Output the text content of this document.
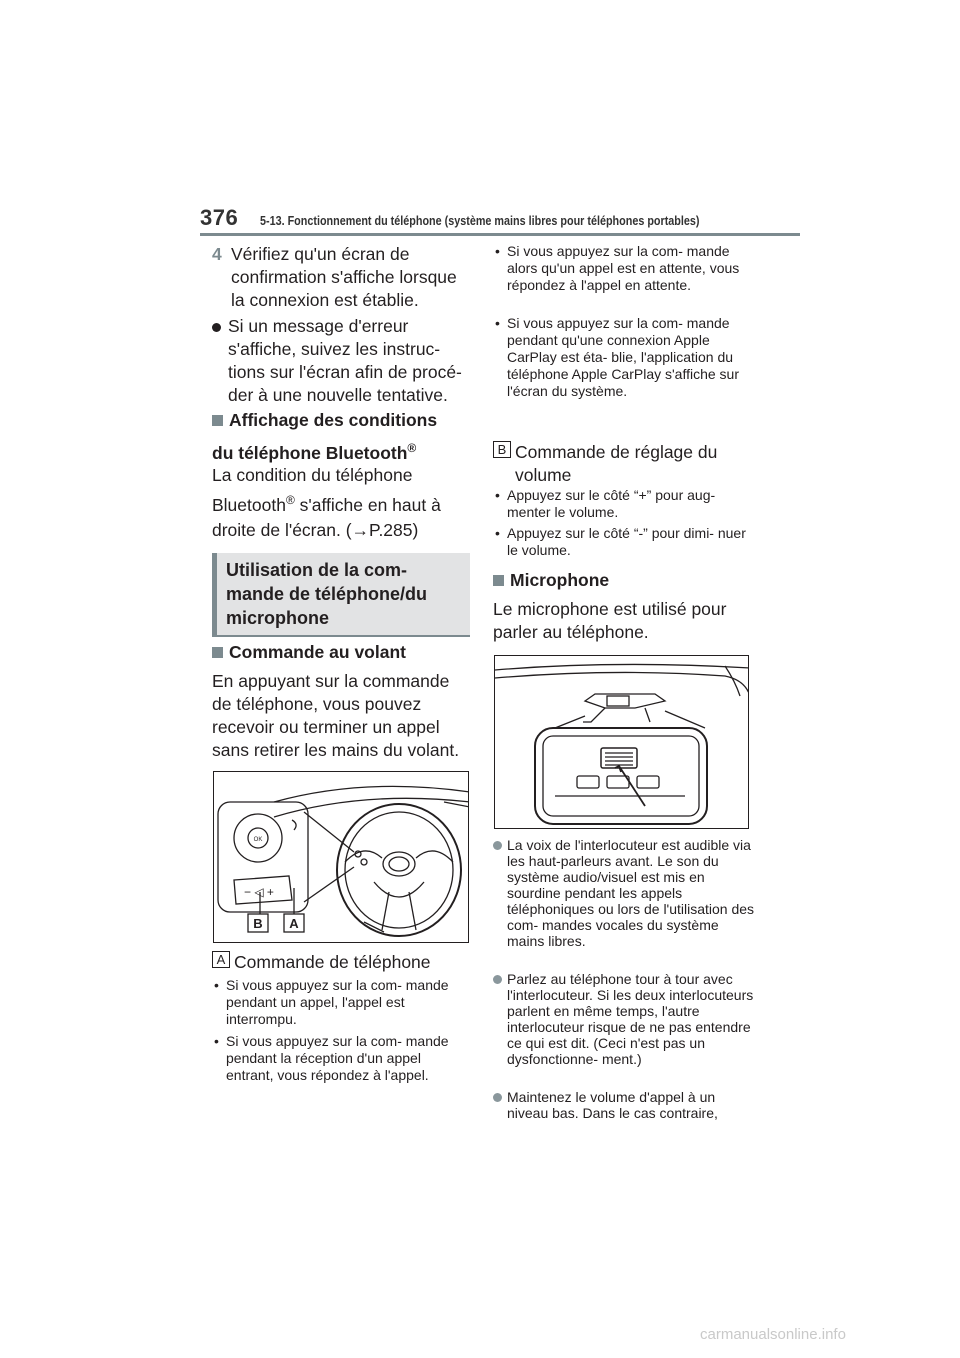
376 5-13. Fonctionnement du téléphone (système mains libres pour téléphones portables)
4 Vérifiez qu'un écran de confirmation s'affiche lorsque la connexion est établie.
Si un message d'erreur s'affiche, suivez les instruc- tions sur l'écran afin de procé- der à une nouvelle tentative.
Affichage des conditions
du téléphone Bluetooth®
La condition du téléphone
Bluetooth® s'affiche en haut à
droite de l'écran. (→P.285)
Utilisation de la com- mande de téléphone/du microphone
Commande au volant
En appuyant sur la commande de téléphone, vous pouvez recevoir ou terminer un appel sans retirer les mains du volant.
OK
− ◁ +
B A
A Commande de téléphone
• Si vous appuyez sur la com- mande pendant un appel, l'appel est interrompu.
• Si vous appuyez sur la com- mande pendant la réception d'un appel entrant, vous répondez à l'appel.
• Si vous appuyez sur la com- mande alors qu'un appel est en attente, vous répondez à l'appel en attente.
• Si vous appuyez sur la com- mande pendant qu'une connexion Apple CarPlay est éta- blie, l'application du téléphone Apple CarPlay s'affiche sur l'écran du système.
B Commande de réglage du
volume
• Appuyez sur le côté “+” pour aug- menter le volume.
• Appuyez sur le côté “-” pour dimi- nuer le volume.
Microphone
Le microphone est utilisé pour parler au téléphone.
La voix de l'interlocuteur est audible via les haut-parleurs avant. Le son du système audio/visuel est mis en sourdine pendant les appels téléphoniques ou lors de l'utilisation des com- mandes vocales du système mains libres.
Parlez au téléphone tour à tour avec l'interlocuteur. Si les deux interlocuteurs parlent en même temps, l'autre interlocuteur risque de ne pas entendre ce qui est dit. (Ceci n'est pas un dysfonctionne- ment.)
Maintenez le volume d'appel à un niveau bas. Dans le cas contraire,
carmanualsonline.info
